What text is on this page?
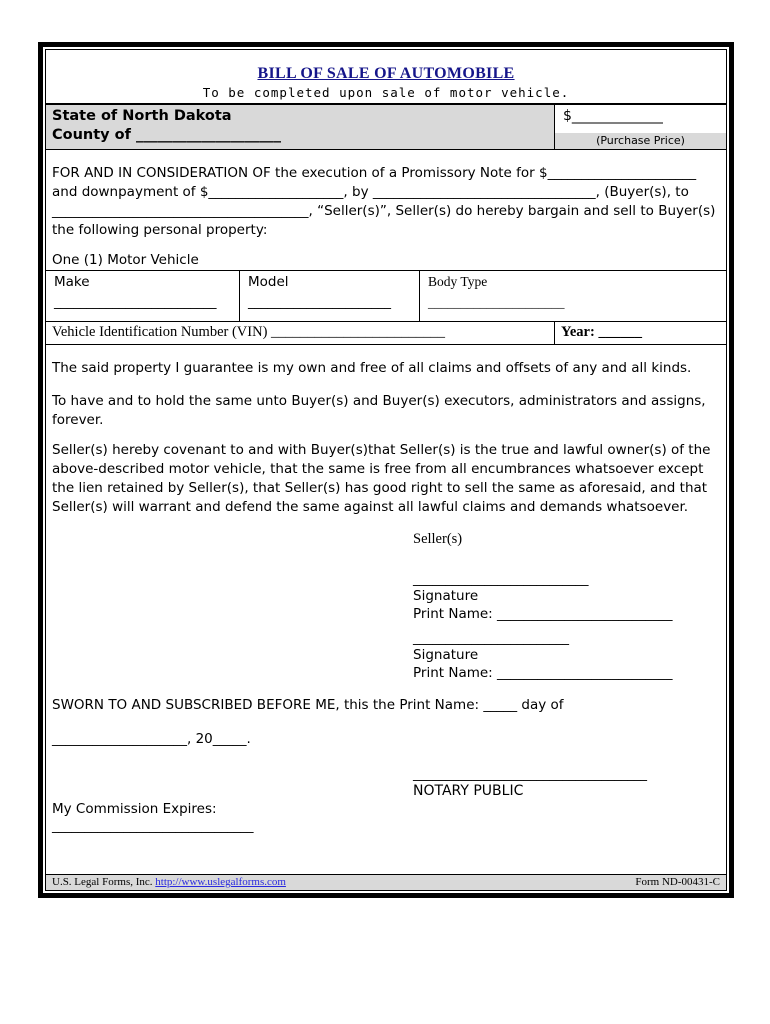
BILL OF SALE OF AUTOMOBILE
To be completed upon sale of motor vehicle.
State of North Dakota
County of ____________________
$_____________
(Purchase Price)

FOR AND IN CONSIDERATION OF the execution of a Promissory Note for $______________________ and downpayment of $____________________, by _________________________________, (Buyer(s), to ______________________________________, “Seller(s)”, Seller(s) do hereby bargain and sell to Buyer(s) the following personal property:

One (1) Motor Vehicle
Make
_________________________
Model
______________________
Body Type
_____________________
Vehicle Identification Number (VIN) ________________________	Year: ______

The said property I guarantee is my own and free of all claims and offsets of any and all kinds.

To have and to hold the same unto Buyer(s) and Buyer(s) executors, administrators and assigns, forever.

Seller(s) hereby covenant to and with Buyer(s)that Seller(s) is the true and lawful owner(s) of the above-described motor vehicle, that the same is free from all encumbrances whatsoever except the lien retained by Seller(s), that Seller(s) has good right to sell the same as aforesaid, and that Seller(s) will warrant and defend the same against all lawful claims and demands whatsoever.

Seller(s)
___________________________
Signature
Print Name: __________________________
________________________
Signature
Print Name: __________________________

SWORN TO AND SUBSCRIBED BEFORE ME, this the Print Name: _____ day of

____________________, 20_____.

____________________________________
NOTARY PUBLIC
My Commission Expires:
_______________________________
U.S. Legal Forms, Inc. http://www.uslegalforms.com	Form ND-00431-C
